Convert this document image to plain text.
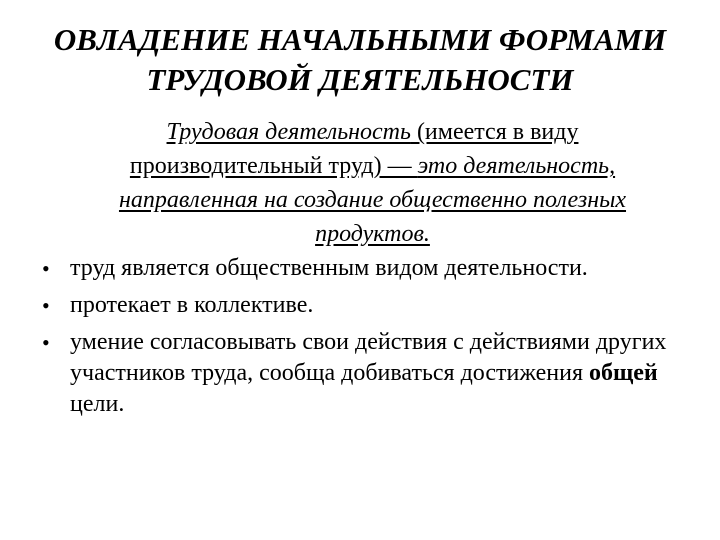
ОВЛАДЕНИЕ НАЧАЛЬНЫМИ ФОРМАМИ
ТРУДОВОЙ ДЕЯТЕЛЬНОСТИ
Трудовая деятельность (имеется в виду производительный труд) — это деятельность, направленная на создание общественно полезных продуктов.
• труд является общественным видом деятельности.
• протекает в коллективе.
• умение согласовывать свои действия с действиями других участников труда, сообща добиваться достижения общей цели.
